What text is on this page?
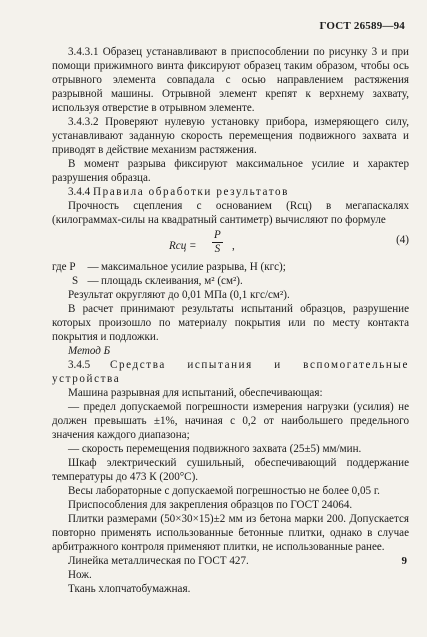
ГОСТ 26589—94

3.4.3.1 Образец устанавливают в приспособлении по рисунку 3 и при помощи прижимного винта фиксируют образец таким образом, чтобы ось отрывного элемента совпадала с осью направлением растяжения разрывной машины. Отрывной элемент крепят к верхнему захвату, используя отверстие в отрывном элементе.

3.4.3.2 Проверяют нулевую установку прибора, измеряющего силу, устанавливают заданную скорость перемещения подвижного захвата и приводят в действие механизм растяжения.

В момент разрыва фиксируют максимальное усилие и характер разрушения образца.

3.4.4 Правила обработки результатов

Прочность сцепления с основанием (Rсц) в мегапаскалях (килограммах-силы на квадратный сантиметр) вычисляют по формуле

Rсц = $\frac{P}{S}$ ,	(4)
где P	— максимальное усилие разрыва, Н (кгс);
S — площадь склеивания, м² (см²).

Результат округляют до 0,01 МПа (0,1 кгс/см²).

В расчет принимают результаты испытаний образцов, разрушение которых произошло по материалу покрытия или по месту контакта покрытия и подложки.

Метод Б

3.4.5 Средства испытания и вспомогательные устройства

Машина разрывная для испытаний, обеспечивающая:

— предел допускаемой погрешности измерения нагрузки (усилия) не должен превышать ±1%, начиная с 0,2 от наибольшего предельного значения каждого диапазона;

— скорость перемещения подвижного захвата (25±5) мм/мин.

Шкаф электрический сушильный, обеспечивающий поддержание температуры до 473 К (200°С).

Весы лабораторные с допускаемой погрешностью не более 0,05 г.

Приспособления для закрепления образцов по ГОСТ 24064.

Плитки размерами (50×30×15)±2 мм из бетона марки 200. Допускается повторно применять использованные бетонные плитки, однако в случае арбитражного контроля применяют плитки, не использованные ранее.

Линейка металлическая по ГОСТ 427.

Нож.

Ткань хлопчатобумажная.

9
